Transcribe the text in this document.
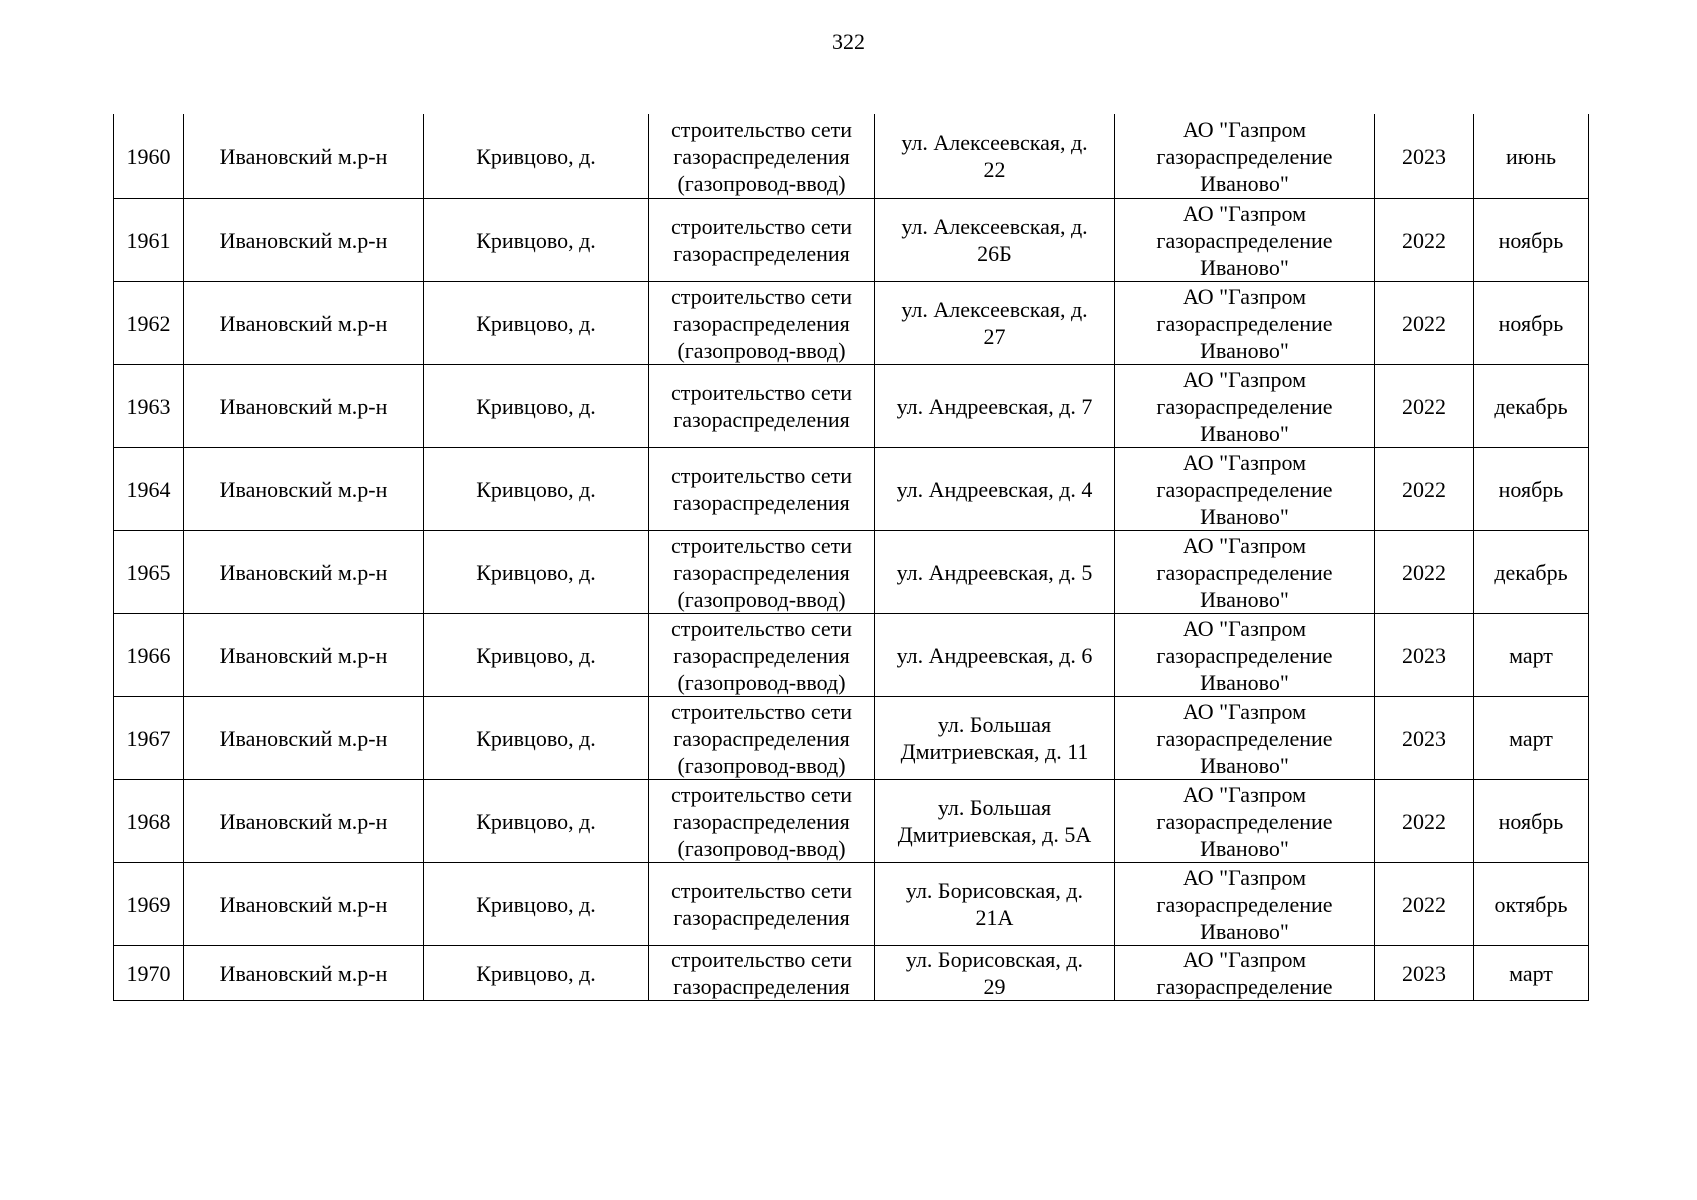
322
1960	Ивановский м.р-н	Кривцово, д.	строительство сети
газораспределения
(газопровод-ввод)	ул. Алексеевская, д.
22	АО "Газпром
газораспределение
Иваново"	2023	июнь

1961	Ивановский м.р-н	Кривцово, д.	строительство сети
газораспределения	ул. Алексеевская, д.
26Б	АО "Газпром
газораспределение
Иваново"	2022	ноябрь

1962	Ивановский м.р-н	Кривцово, д.	строительство сети
газораспределения
(газопровод-ввод)	ул. Алексеевская, д.
27	АО "Газпром
газораспределение
Иваново"	2022	ноябрь

1963	Ивановский м.р-н	Кривцово, д.	строительство сети
газораспределения	ул. Андреевская, д. 7	АО "Газпром
газораспределение
Иваново"	2022	декабрь

1964	Ивановский м.р-н	Кривцово, д.	строительство сети
газораспределения	ул. Андреевская, д. 4	АО "Газпром
газораспределение
Иваново"	2022	ноябрь

1965	Ивановский м.р-н	Кривцово, д.	строительство сети
газораспределения
(газопровод-ввод)	ул. Андреевская, д. 5	АО "Газпром
газораспределение
Иваново"	2022	декабрь

1966	Ивановский м.р-н	Кривцово, д.	строительство сети
газораспределения
(газопровод-ввод)	ул. Андреевская, д. 6	АО "Газпром
газораспределение
Иваново"	2023	март

1967	Ивановский м.р-н	Кривцово, д.	строительство сети
газораспределения
(газопровод-ввод)	ул. Большая
Дмитриевская, д. 11	АО "Газпром
газораспределение
Иваново"	2023	март

1968	Ивановский м.р-н	Кривцово, д.	строительство сети
газораспределения
(газопровод-ввод)	ул. Большая
Дмитриевская, д. 5А	АО "Газпром
газораспределение
Иваново"	2022	ноябрь

1969	Ивановский м.р-н	Кривцово, д.	строительство сети
газораспределения	ул. Борисовская, д.
21А	АО "Газпром
газораспределение
Иваново"	2022	октябрь

1970	Ивановский м.р-н	Кривцово, д.	строительство сети
газораспределения	ул. Борисовская, д.
29	АО "Газпром
газораспределение	2023	март
